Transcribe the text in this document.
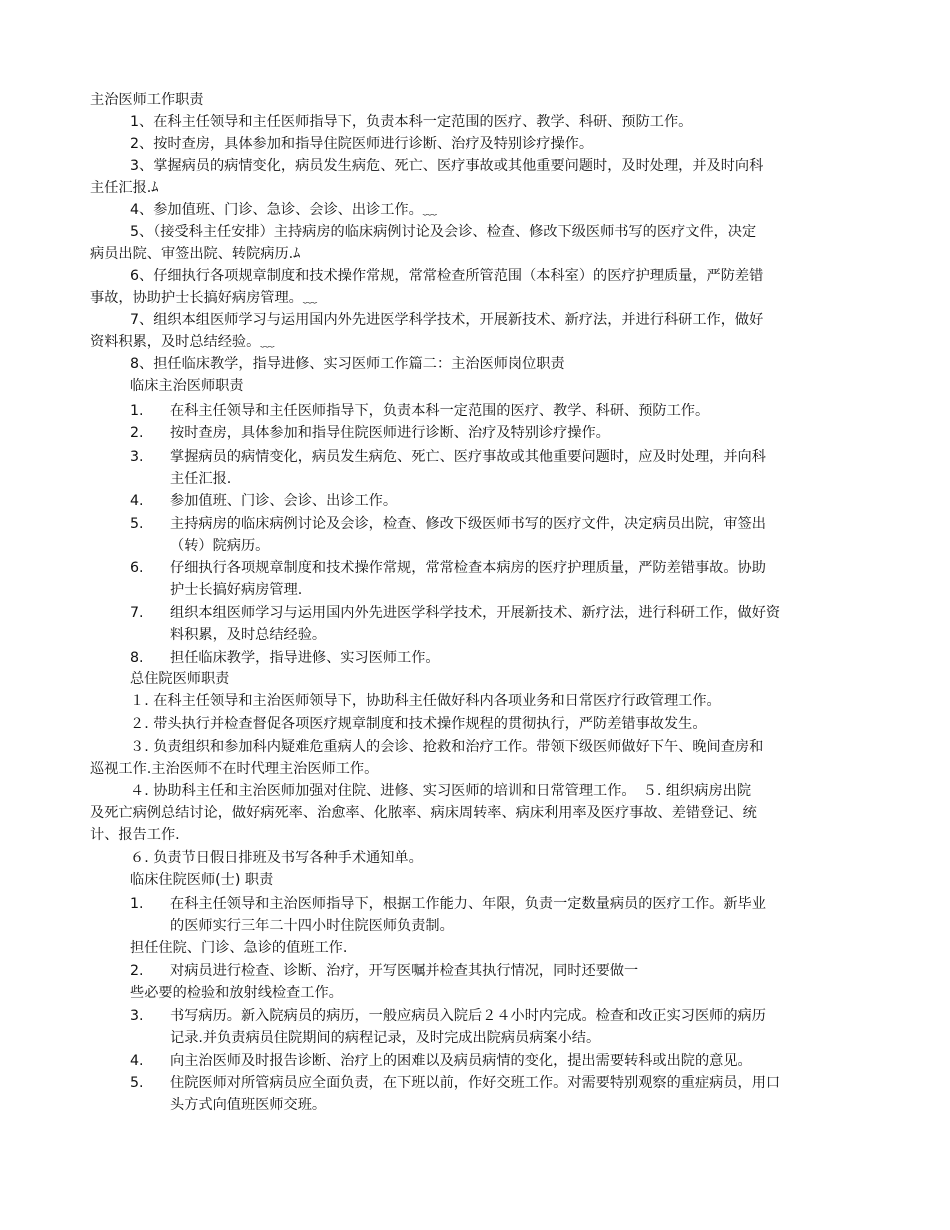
主治医师工作职责
1、在科主任领导和主任医师指导下，负责本科一定范围的医疗、教学、科研、预防工作。
2、按时查房，具体参加和指导住院医师进行诊断、治疗及特别诊疗操作。
3、掌握病员的病情变化，病员发生病危、死亡、医疗事故或其他重要问题时，及时处理，并及时向科
主任汇报.ﾑ
4、参加值班、门诊、急诊、会诊、出诊工作。﹏
5、（接受科主任安排）主持病房的临床病例讨论及会诊、检查、修改下级医师书写的医疗文件，决定
病员出院、审签出院、转院病历.ﾑ
6、仔细执行各项规章制度和技术操作常规，常常检查所管范围（本科室）的医疗护理质量，严防差错
事故，协助护士长搞好病房管理。﹏
7、组织本组医师学习与运用国内外先进医学科学技术，开展新技术、新疗法，并进行科研工作，做好
资料积累，及时总结经验。﹏
8、担任临床教学，指导进修、实习医师工作篇二：主治医师岗位职责
临床主治医师职责
1. 在科主任领导和主任医师指导下，负责本科一定范围的医疗、教学、科研、预防工作。
2. 按时查房，具体参加和指导住院医师进行诊断、治疗及特别诊疗操作。
3. 掌握病员的病情变化，病员发生病危、死亡、医疗事故或其他重要问题时，应及时处理，并向科
主任汇报.
4. 参加值班、门诊、会诊、出诊工作。
5. 主持病房的临床病例讨论及会诊，检查、修改下级医师书写的医疗文件，决定病员出院，审签出
（转）院病历。
6. 仔细执行各项规章制度和技术操作常规，常常检查本病房的医疗护理质量，严防差错事故。协助
护士长搞好病房管理.
7. 组织本组医师学习与运用国内外先进医学科学技术，开展新技术、新疗法，进行科研工作，做好资
料积累，及时总结经验。
8. 担任临床教学，指导进修、实习医师工作。
总住院医师职责
１. 在科主任领导和主治医师领导下，协助科主任做好科内各项业务和日常医疗行政管理工作。
２. 带头执行并检查督促各项医疗规章制度和技术操作规程的贯彻执行，严防差错事故发生。
３. 负责组织和参加科内疑难危重病人的会诊、抢救和治疗工作。带领下级医师做好下午、晚间查房和
巡视工作.主治医师不在时代理主治医师工作。
４. 协助科主任和主治医师加强对住院、进修、实习医师的培训和日常管理工作。　５. 组织病房出院
及死亡病例总结讨论，做好病死率、治愈率、化脓率、病床周转率、病床利用率及医疗事故、差错登记、统
计、报告工作.
６. 负责节日假日排班及书写各种手术通知单。
临床住院医师(士) 职责
1. 在科主任领导和主治医师指导下，根据工作能力、年限，负责一定数量病员的医疗工作。新毕业
的医师实行三年二十四小时住院医师负责制。
担任住院、门诊、急诊的值班工作.
2. 对病员进行检查、诊断、治疗，开写医嘱并检查其执行情况，同时还要做一
些必要的检验和放射线检查工作。
3. 书写病历。新入院病员的病历，一般应病员入院后２４小时内完成。检查和改正实习医师的病历
记录.并负责病员住院期间的病程记录，及时完成出院病员病案小结。
4. 向主治医师及时报告诊断、治疗上的困难以及病员病情的变化，提出需要转科或出院的意见。
5. 住院医师对所管病员应全面负责，在下班以前，作好交班工作。对需要特别观察的重症病员，用口
头方式向值班医师交班。
